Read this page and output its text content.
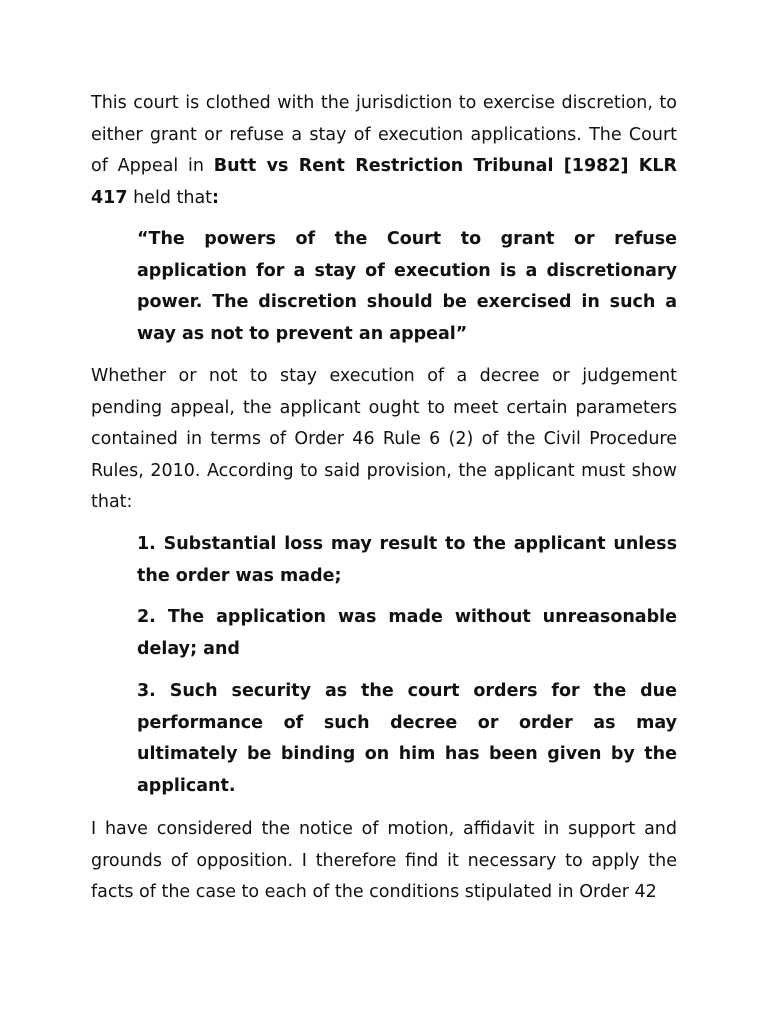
This court is clothed with the jurisdiction to exercise discretion, to either grant or refuse a stay of execution applications. The Court of Appeal in Butt vs Rent Restriction Tribunal [1982] KLR 417 held that:

“The powers of the Court to grant or refuse application for a stay of execution is a discretionary power. The discretion should be exercised in such a way as not to prevent an appeal”

Whether or not to stay execution of a decree or judgement pending appeal, the applicant ought to meet certain parameters contained in terms of Order 46 Rule 6 (2) of the Civil Procedure Rules, 2010. According to said provision, the applicant must show that:

1. Substantial loss may result to the applicant unless the order was made;

2. The application was made without unreasonable delay; and

3. Such security as the court orders for the due performance of such decree or order as may ultimately be binding on him has been given by the applicant.

I have considered the notice of motion, affidavit in support and grounds of opposition. I therefore find it necessary to apply the facts of the case to each of the conditions stipulated in Order 42
